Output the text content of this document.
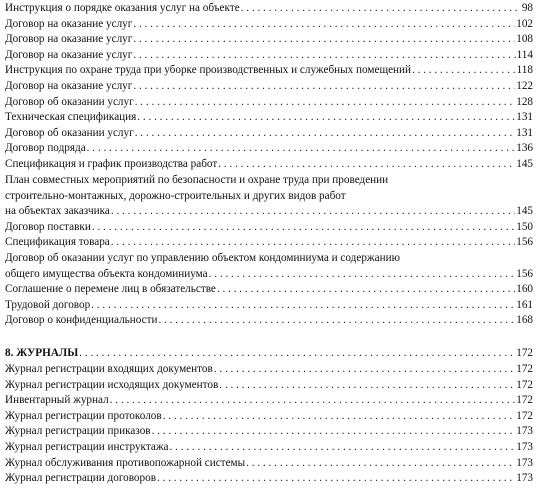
Инструкция о порядке оказания услуг на объекте . . .	98
Договор на оказание услуг . . .	102
Договор на оказание услуг . . .	108
Договор на оказание услуг . . .	114
Инструкция по охране труда при уборке производственных и служебных помещений . . .	118
Договор на оказание услуг . . .	122
Договор об оказании услуг . . .	128
Техническая спецификация . . .	131
Договор об оказании услуг . . .	131
Договор подряда . . .	136
Спецификация и график производства работ . . .	145
План совместных мероприятий по безопасности и охране труда при проведении
строительно-монтажных, дорожно-строительных и других видов работ
на объектах заказчика . . .	145
Договор поставки . . .	150
Спецификация товара . . .	156
Договор об оказании услуг по управлению объектом кондоминиума и содержанию
общего имущества объекта кондоминиума . . .	156
Соглашение о перемене лиц в обязательстве . . .	160
Трудовой договор . . .	161
Договор о конфиденциальности . . .	168
8. ЖУРНАЛЫ . . .	172
Журнал регистрации входящих документов . . .	172
Журнал регистрации исходящих документов . . .	172
Инвентарный журнал . . .	172
Журнал регистрации протоколов . . .	172
Журнал регистрации приказов . . .	173
Журнал регистрации инструктажа . . .	173
Журнал обслуживания противопожарной системы . . .	173
Журнал регистрации договоров . . .	173
